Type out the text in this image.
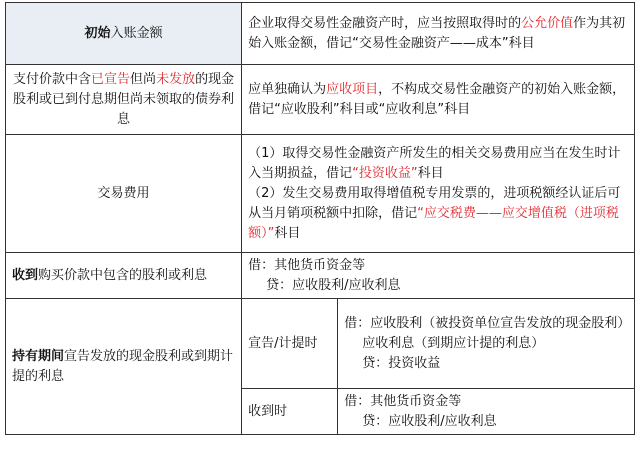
初始入账金额	企业取得交易性金融资产时，应当按照取得时的公允价值作为其初始入账金额，借记“交易性金融资产——成本”科目	
支付价款中含已宣告但尚未发放的现金股利或已到付息期但尚未领取的债券利息	应单独确认为应收项目，不构成交易性金融资产的初始入账金额，借记“应收股利”科目或“应收利息”科目	
交易费用	（1）取得交易性金融资产所发生的相关交易费用应当在发生时计入当期损益，借记“投资收益”科目
（2）发生交易费用取得增值税专用发票的，进项税额经认证后可从当月销项税额中扣除，借记“应交税费——应交增值税（进项税额）”科目	

收到购买价款中包含的股利或利息	借：其他货币资金等
贷：应收股利/应收利息	

持有期间宣告发放的现金股利或到期计提的利息	宣告/计提时	借：应收股利（被投资单位宣告发放的现金股利）
应收利息（到期应计提的利息）
贷：投资收益

	收到时	借：其他货币资金等
贷：应收股利/应收利息
